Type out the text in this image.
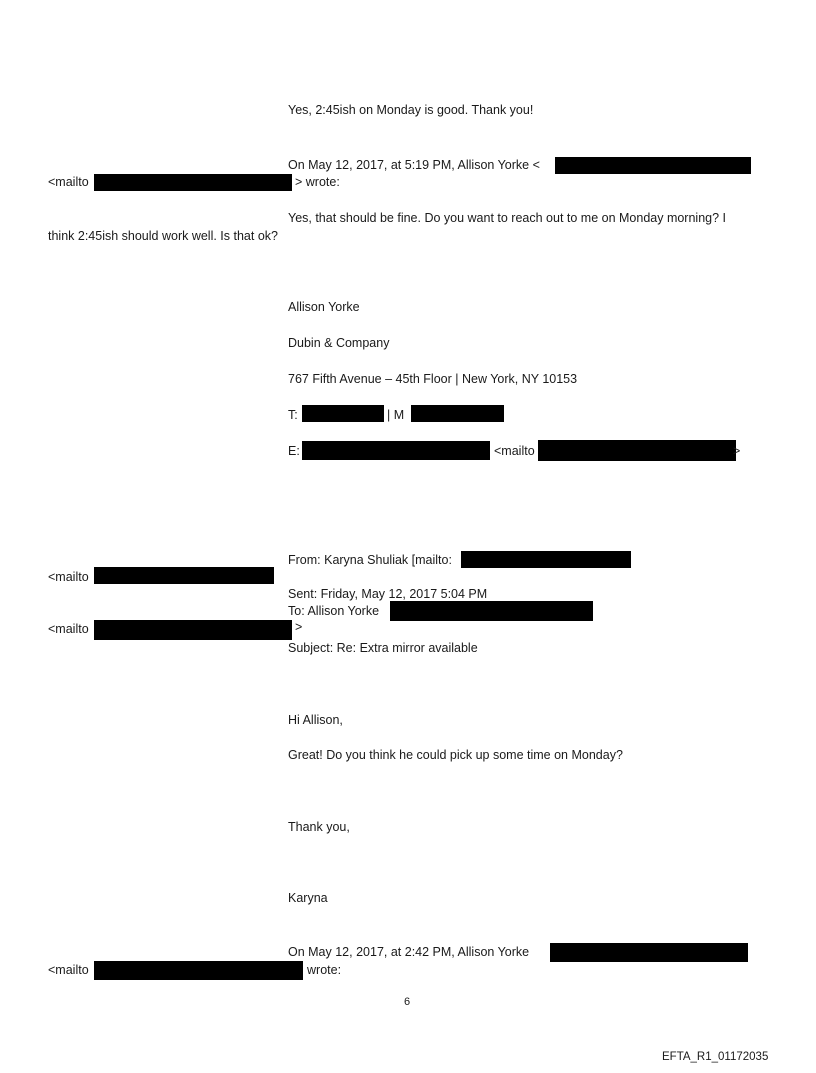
Yes, 2:45ish on Monday is good. Thank you!
On May 12, 2017, at 5:19 PM, Allison Yorke <
<mailto	> wrote:
Yes, that should be fine. Do you want to reach out to me on Monday morning? I
think 2:45ish should work well. Is that ok?
Allison Yorke
Dubin & Company
767 Fifth Avenue – 45th Floor | New York, NY 10153
T:	| M
E:	<mailto	>
From: Karyna Shuliak [mailto:
<mailto
Sent: Friday, May 12, 2017 5:04 PM
To: Allison Yorke
<mailto	>
Subject: Re: Extra mirror available
Hi Allison,
Great! Do you think he could pick up some time on Monday?
Thank you,
Karyna
On May 12, 2017, at 2:42 PM, Allison Yorke
<mailto	wrote:
6
EFTA_R1_01172035
